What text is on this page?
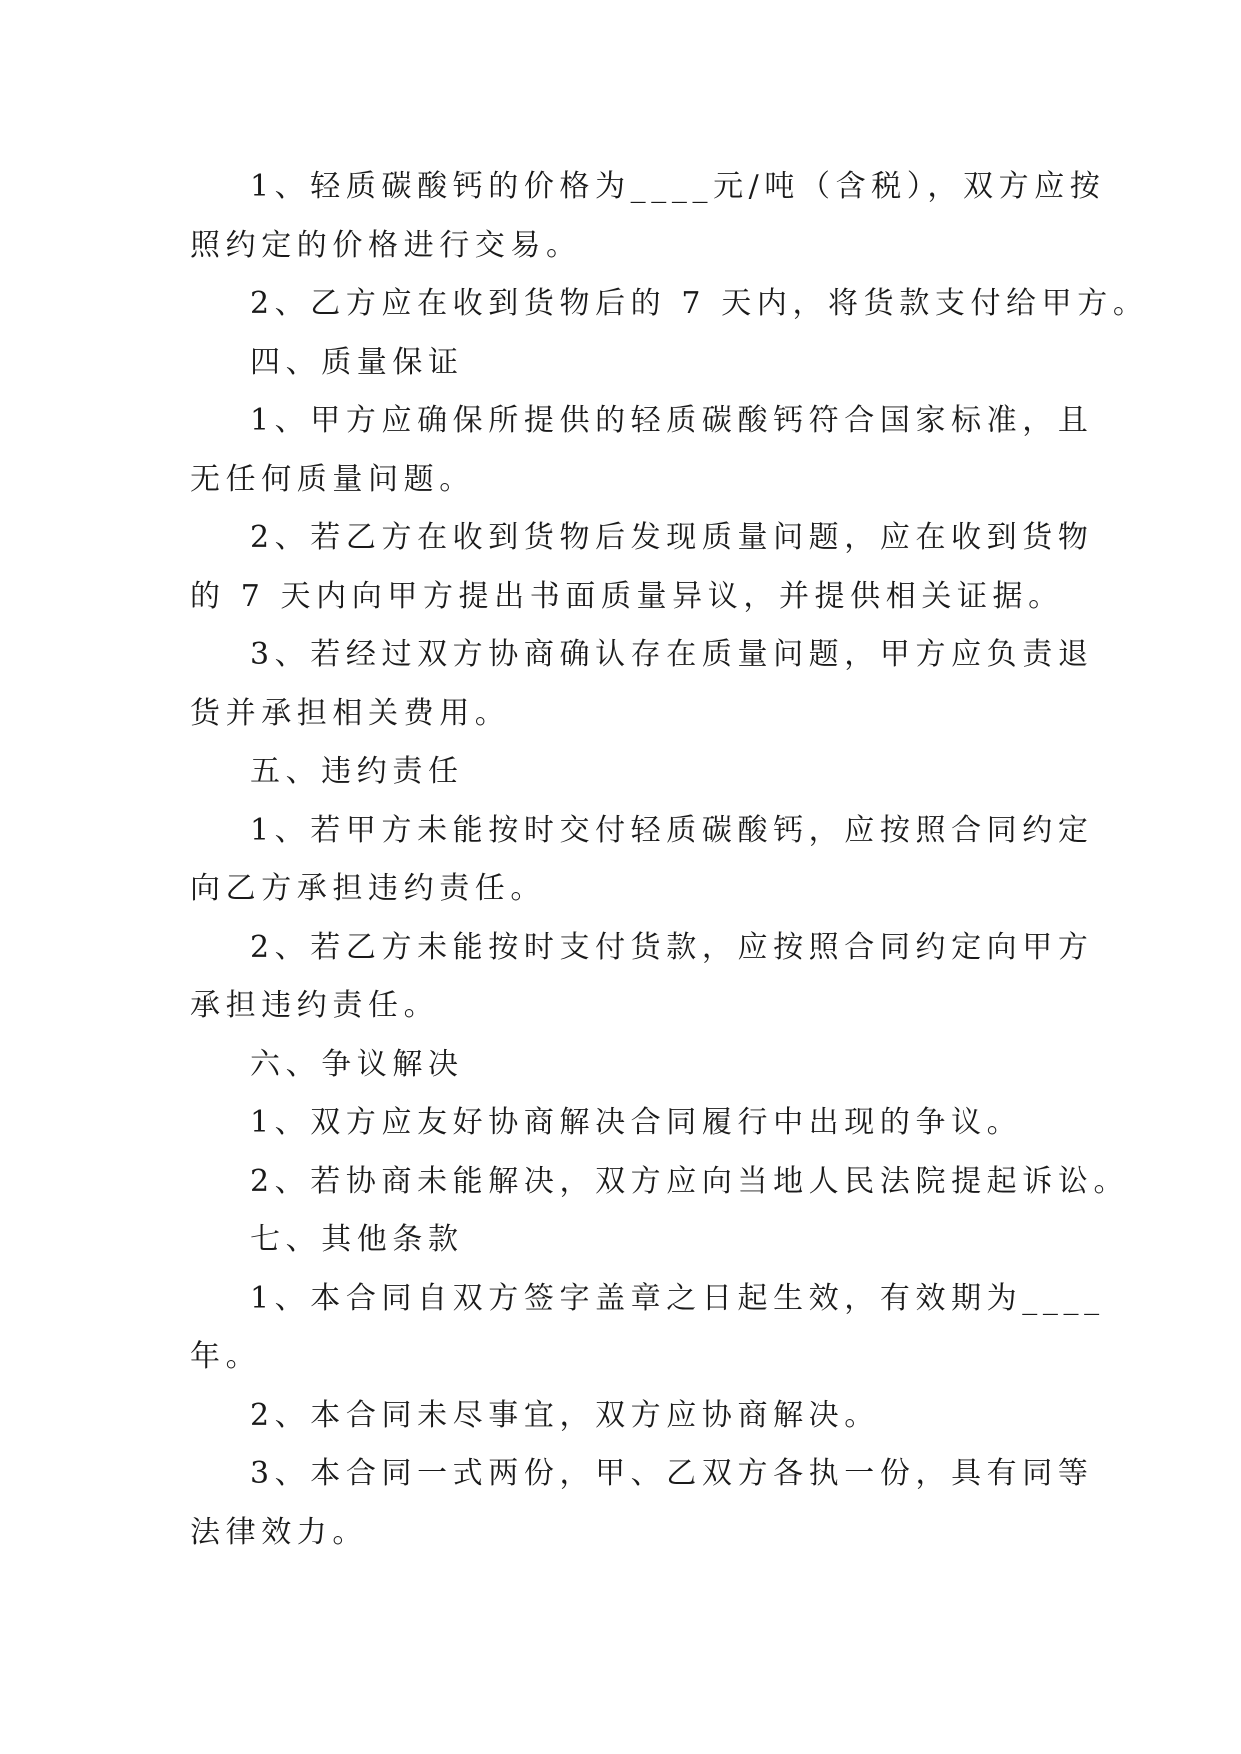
1、轻质碳酸钙的价格为____元/吨（含税），双方应按
照约定的价格进行交易。
2、乙方应在收到货物后的 7 天内，将货款支付给甲方。
四、质量保证
1、甲方应确保所提供的轻质碳酸钙符合国家标准，且
无任何质量问题。
2、若乙方在收到货物后发现质量问题，应在收到货物
的 7 天内向甲方提出书面质量异议，并提供相关证据。
3、若经过双方协商确认存在质量问题，甲方应负责退
货并承担相关费用。
五、违约责任
1、若甲方未能按时交付轻质碳酸钙，应按照合同约定
向乙方承担违约责任。
2、若乙方未能按时支付货款，应按照合同约定向甲方
承担违约责任。
六、争议解决
1、双方应友好协商解决合同履行中出现的争议。
2、若协商未能解决，双方应向当地人民法院提起诉讼。
七、其他条款
1、本合同自双方签字盖章之日起生效，有效期为____
年。
2、本合同未尽事宜，双方应协商解决。
3、本合同一式两份，甲、乙双方各执一份，具有同等
法律效力。
